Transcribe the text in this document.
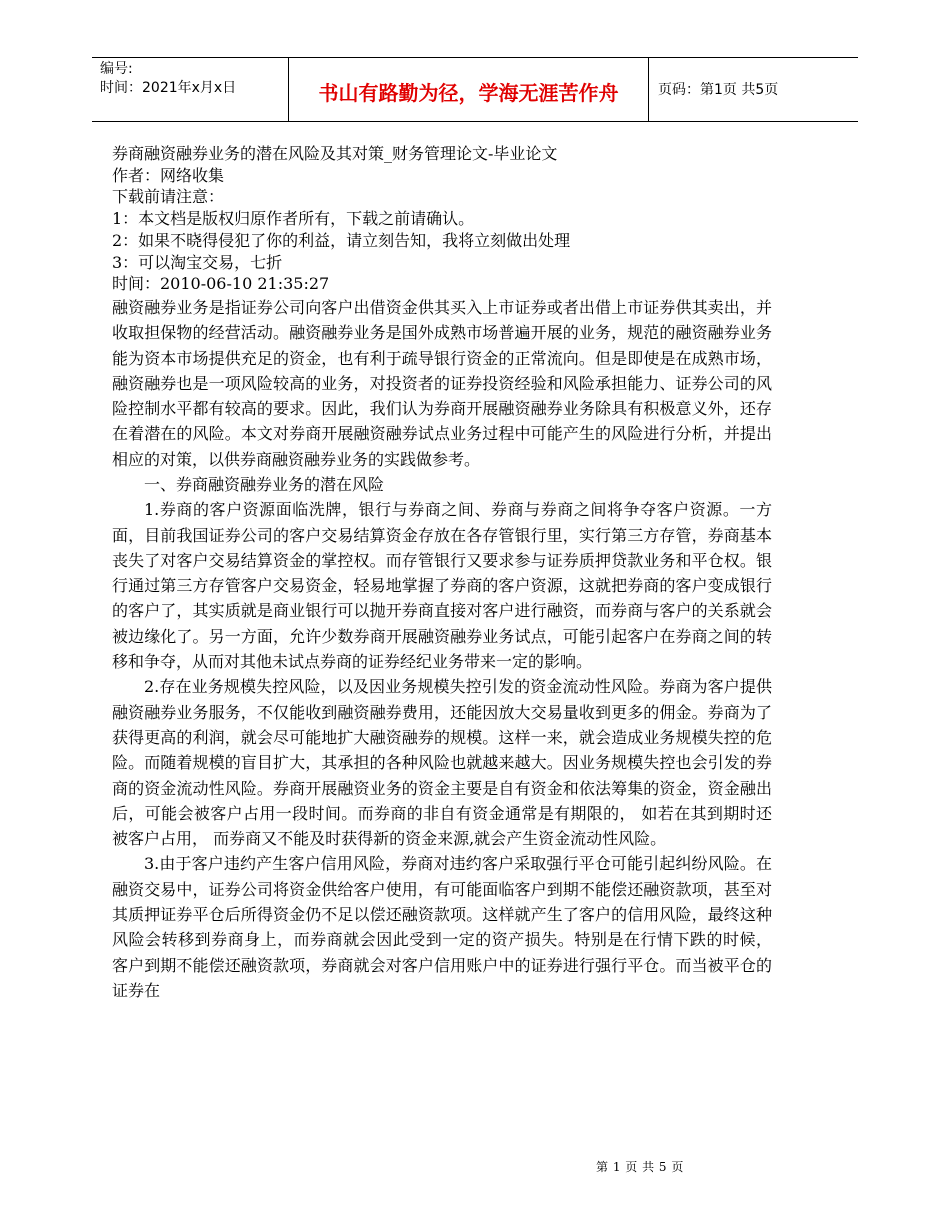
编号:
时间：2021年x月x日	书山有路勤为径，学海无涯苦作舟	页码：第1页 共5页
券商融资融券业务的潜在风险及其对策_财务管理论文-毕业论文
作者：网络收集
下载前请注意：
1：本文档是版权归原作者所有，下载之前请确认。
2：如果不晓得侵犯了你的利益，请立刻告知，我将立刻做出处理
3：可以淘宝交易，七折
时间：2010-06-10 21:35:27

融资融券业务是指证券公司向客户出借资金供其买入上市证券或者出借上市证券供其卖出，并收取担保物的经营活动。融资融券业务是国外成熟市场普遍开展的业务，规范的融资融券业务能为资本市场提供充足的资金，也有利于疏导银行资金的正常流向。但是即使是在成熟市场，融资融券也是一项风险较高的业务，对投资者的证券投资经验和风险承担能力、证券公司的风险控制水平都有较高的要求。因此，我们认为券商开展融资融券业务除具有积极意义外，还存在着潜在的风险。本文对券商开展融资融券试点业务过程中可能产生的风险进行分析，并提出相应的对策，以供券商融资融券业务的实践做参考。

一、券商融资融券业务的潜在风险

1.券商的客户资源面临洗牌，银行与券商之间、券商与券商之间将争夺客户资源。一方面，目前我国证券公司的客户交易结算资金存放在各存管银行里，实行第三方存管，券商基本丧失了对客户交易结算资金的掌控权。而存管银行又要求参与证券质押贷款业务和平仓权。银行通过第三方存管客户交易资金，轻易地掌握了券商的客户资源，这就把券商的客户变成银行的客户了，其实质就是商业银行可以抛开券商直接对客户进行融资，而券商与客户的关系就会被边缘化了。另一方面，允许少数券商开展融资融券业务试点，可能引起客户在券商之间的转移和争夺，从而对其他未试点券商的证券经纪业务带来一定的影响。

2.存在业务规模失控风险，以及因业务规模失控引发的资金流动性风险。券商为客户提供融资融券业务服务，不仅能收到融资融券费用，还能因放大交易量收到更多的佣金。券商为了获得更高的利润，就会尽可能地扩大融资融券的规模。这样一来，就会造成业务规模失控的危险。而随着规模的盲目扩大，其承担的各种风险也就越来越大。因业务规模失控也会引发的券商的资金流动性风险。券商开展融资业务的资金主要是自有资金和依法筹集的资金，资金融出后，可能会被客户占用一段时间。而券商的非自有资金通常是有期限的， 如若在其到期时还被客户占用， 而券商又不能及时获得新的资金来源,就会产生资金流动性风险。

3.由于客户违约产生客户信用风险，券商对违约客户采取强行平仓可能引起纠纷风险。在融资交易中，证券公司将资金供给客户使用，有可能面临客户到期不能偿还融资款项，甚至对其质押证券平仓后所得资金仍不足以偿还融资款项。这样就产生了客户的信用风险，最终这种风险会转移到券商身上，而券商就会因此受到一定的资产损失。特别是在行情下跌的时候， 客户到期不能偿还融资款项，券商就会对客户信用账户中的证券进行强行平仓。而当被平仓的证券在

第 1 页 共 5 页
